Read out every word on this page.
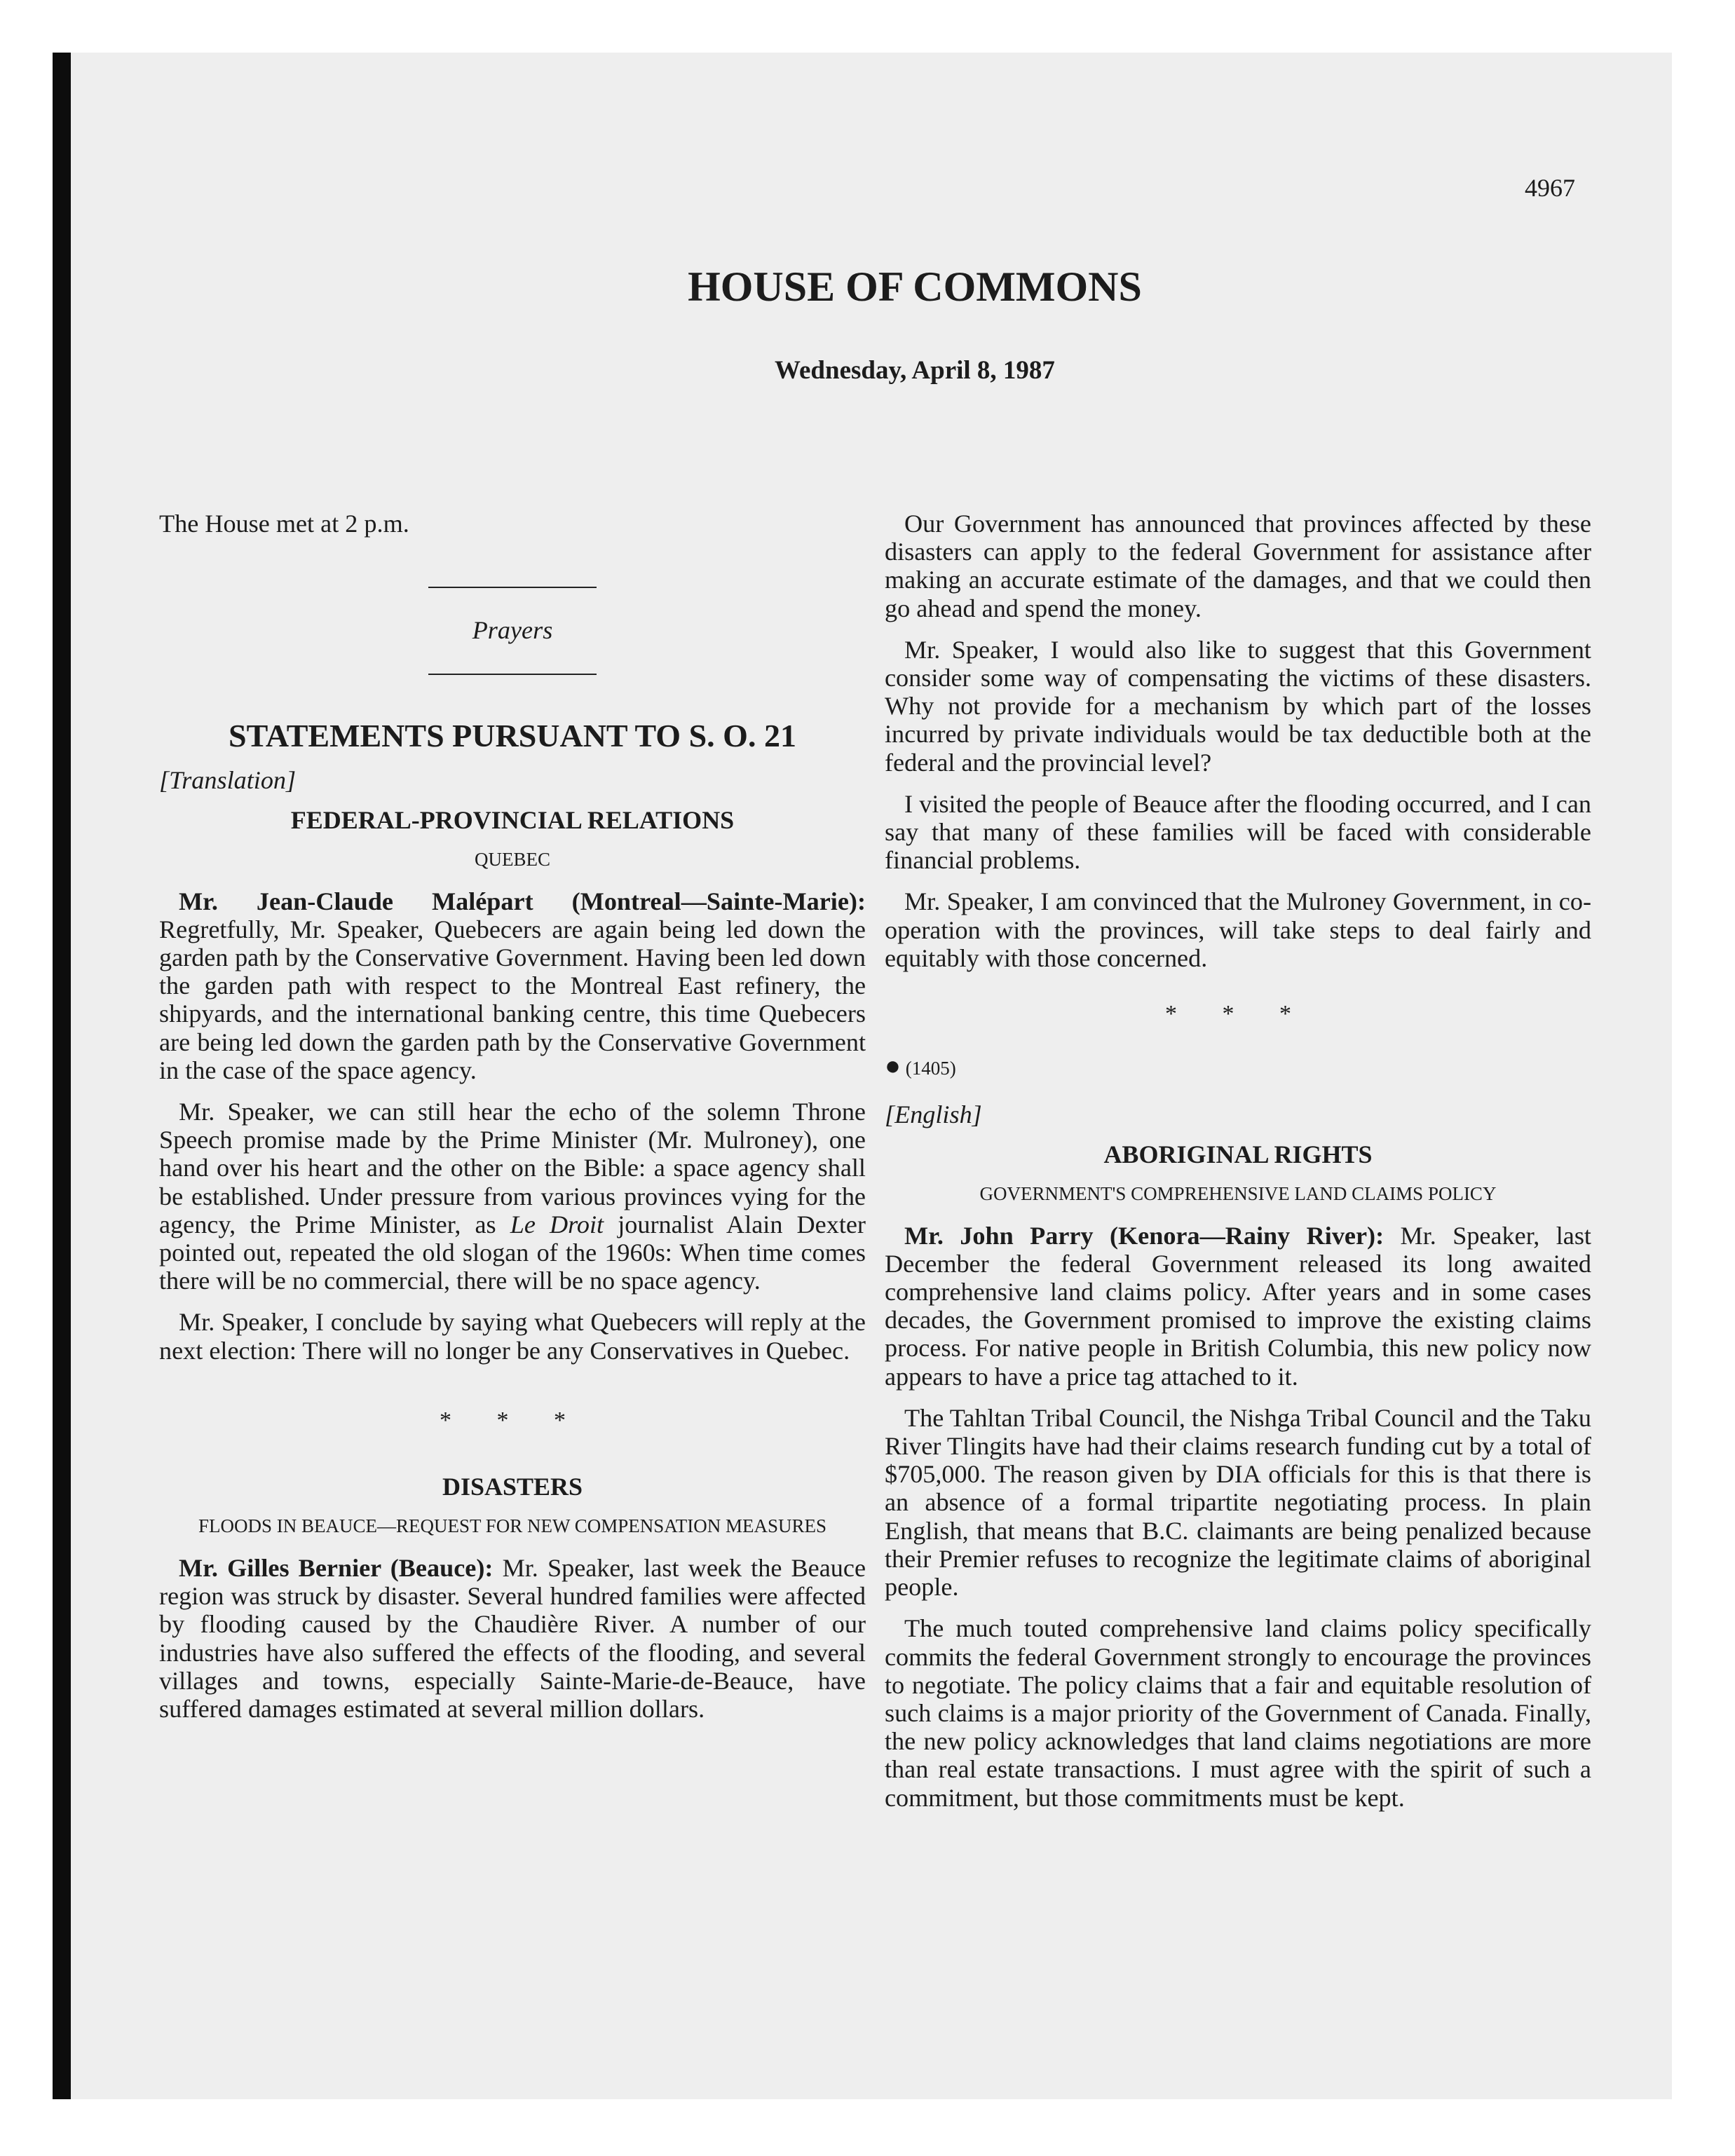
4967
HOUSE OF COMMONS
Wednesday, April 8, 1987

The House met at 2 p.m.

Prayers
STATEMENTS PURSUANT TO S. O. 21
[Translation]
FEDERAL-PROVINCIAL RELATIONS
QUEBEC

Mr. Jean-Claude Malépart (Montreal—Sainte-Marie): Regretfully, Mr. Speaker, Quebecers are again being led down the garden path by the Conservative Government. Having been led down the garden path with respect to the Montreal East refinery, the shipyards, and the international banking centre, this time Quebecers are being led down the garden path by the Conservative Government in the case of the space agency.

Mr. Speaker, we can still hear the echo of the solemn Throne Speech promise made by the Prime Minister (Mr. Mulroney), one hand over his heart and the other on the Bible: a space agency shall be established. Under pressure from various provinces vying for the agency, the Prime Minister, as Le Droit journalist Alain Dexter pointed out, repeated the old slogan of the 1960s: When time comes there will be no commercial, there will be no space agency.

Mr. Speaker, I conclude by saying what Quebecers will reply at the next election: There will no longer be any Conservatives in Quebec.

* * *
DISASTERS
FLOODS IN BEAUCE—REQUEST FOR NEW COMPENSATION MEASURES

Mr. Gilles Bernier (Beauce): Mr. Speaker, last week the Beauce region was struck by disaster. Several hundred families were affected by flooding caused by the Chaudière River. A number of our industries have also suffered the effects of the flooding, and several villages and towns, especially Sainte-Marie-de-Beauce, have suffered damages estimated at several million dollars.

Our Government has announced that provinces affected by these disasters can apply to the federal Government for assistance after making an accurate estimate of the damages, and that we could then go ahead and spend the money.

Mr. Speaker, I would also like to suggest that this Government consider some way of compensating the victims of these disasters. Why not provide for a mechanism by which part of the losses incurred by private individuals would be tax deductible both at the federal and the provincial level?

I visited the people of Beauce after the flooding occurred, and I can say that many of these families will be faced with considerable financial problems.

Mr. Speaker, I am convinced that the Mulroney Government, in co-operation with the provinces, will take steps to deal fairly and equitably with those concerned.

* * *
● (1405)
[English]
ABORIGINAL RIGHTS
GOVERNMENT'S COMPREHENSIVE LAND CLAIMS POLICY

Mr. John Parry (Kenora—Rainy River): Mr. Speaker, last December the federal Government released its long awaited comprehensive land claims policy. After years and in some cases decades, the Government promised to improve the existing claims process. For native people in British Columbia, this new policy now appears to have a price tag attached to it.

The Tahltan Tribal Council, the Nishga Tribal Council and the Taku River Tlingits have had their claims research funding cut by a total of $705,000. The reason given by DIA officials for this is that there is an absence of a formal tripartite negotiating process. In plain English, that means that B.C. claimants are being penalized because their Premier refuses to recognize the legitimate claims of aboriginal people.

The much touted comprehensive land claims policy specifically commits the federal Government strongly to encourage the provinces to negotiate. The policy claims that a fair and equitable resolution of such claims is a major priority of the Government of Canada. Finally, the new policy acknowledges that land claims negotiations are more than real estate transactions. I must agree with the spirit of such a commitment, but those commitments must be kept.
